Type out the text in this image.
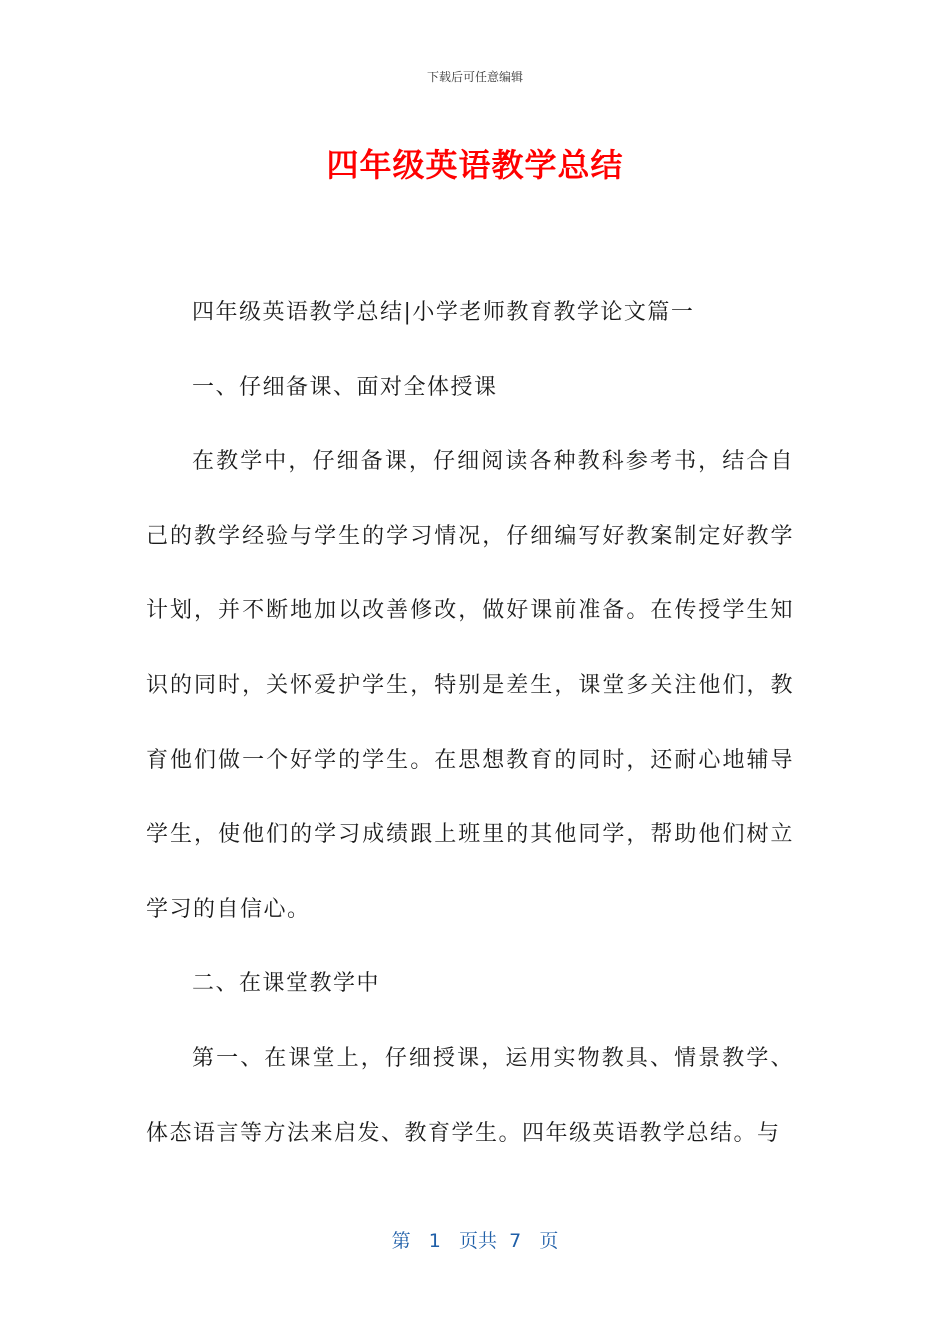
下载后可任意编辑
四年级英语教学总结

四年级英语教学总结|小学老师教育教学论文篇一

一、仔细备课、面对全体授课

在教学中，仔细备课，仔细阅读各种教科参考书，结合自己的教学经验与学生的学习情况，仔细编写好教案制定好教学计划，并不断地加以改善修改，做好课前准备。在传授学生知识的同时，关怀爱护学生，特别是差生，课堂多关注他们，教育他们做一个好学的学生。在思想教育的同时，还耐心地辅导学生，使他们的学习成绩跟上班里的其他同学，帮助他们树立学习的自信心。

二、在课堂教学中

第一、在课堂上，仔细授课，运用实物教具、情景教学、体态语言等方法来启发、教育学生。四年级英语教学总结。与

第 1 页共 7 页
